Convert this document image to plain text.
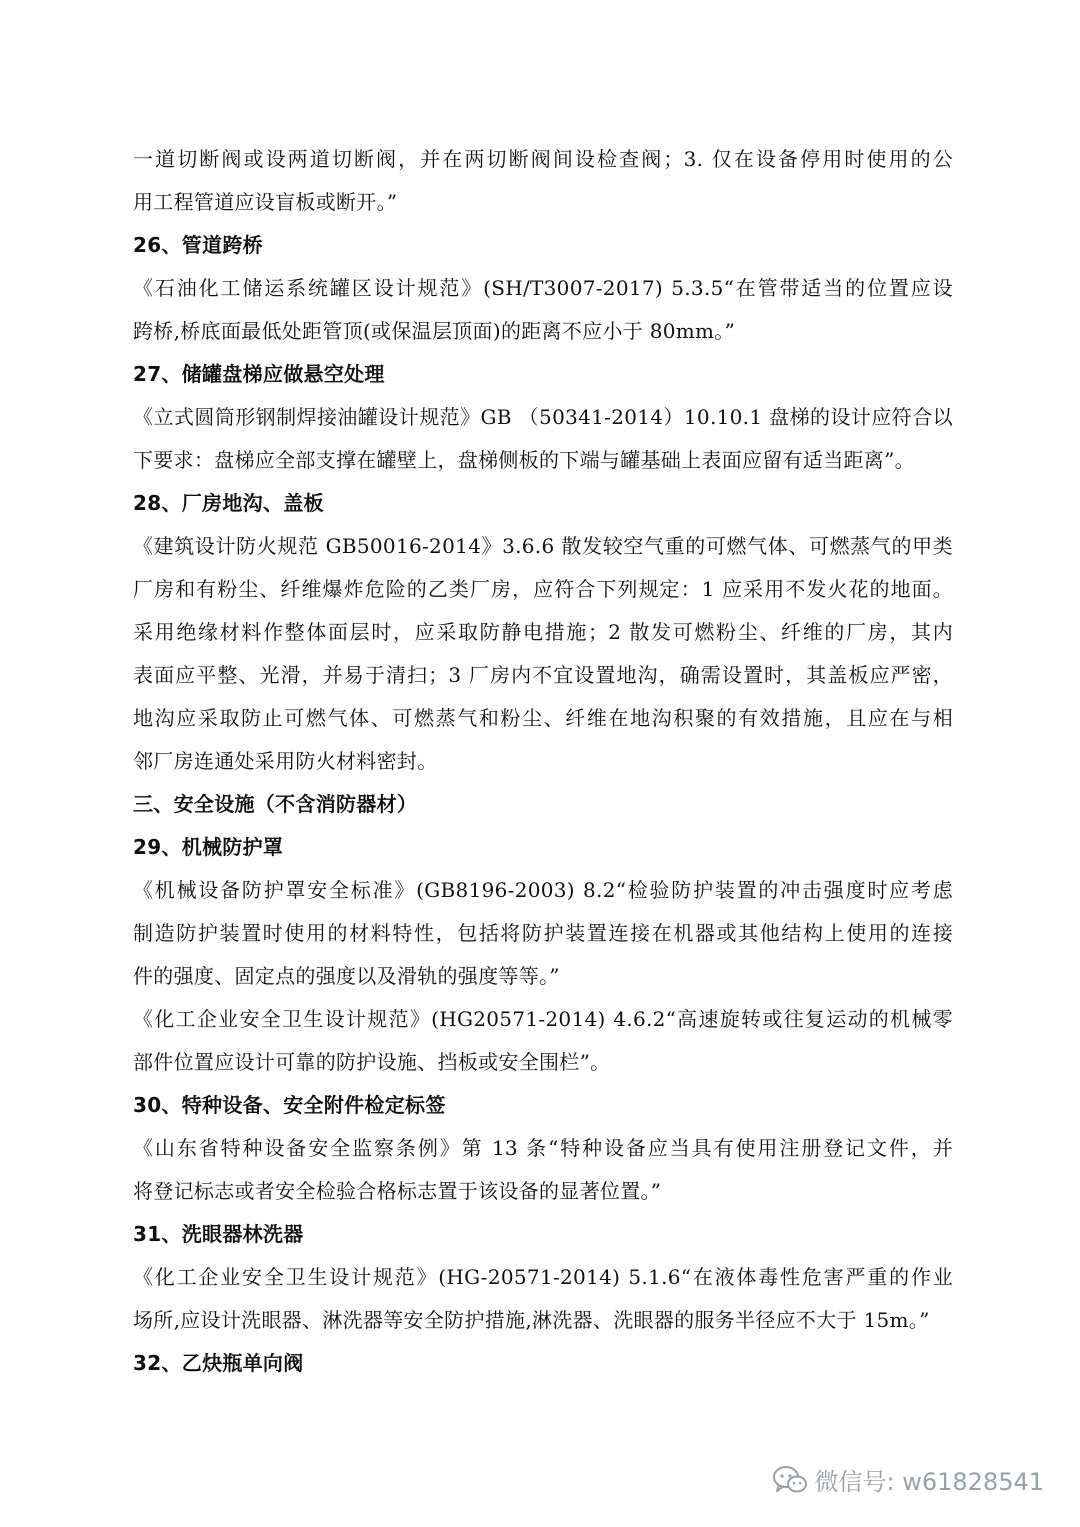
一道切断阀或设两道切断阀，并在两切断阀间设检查阀；3. 仅在设备停用时使用的公
用工程管道应设盲板或断开。”
26、管道跨桥
《石油化工储运系统罐区设计规范》(SH/T3007-2017) 5.3.5“在管带适当的位置应设
跨桥,桥底面最低处距管顶(或保温层顶面)的距离不应小于 80mm。”
27、储罐盘梯应做悬空处理
《立式圆筒形钢制焊接油罐设计规范》GB （50341-2014）10.10.1 盘梯的设计应符合以
下要求：盘梯应全部支撑在罐壁上，盘梯侧板的下端与罐基础上表面应留有适当距离”。
28、厂房地沟、盖板
《建筑设计防火规范 GB50016-2014》3.6.6 散发较空气重的可燃气体、可燃蒸气的甲类
厂房和有粉尘、纤维爆炸危险的乙类厂房，应符合下列规定：1 应采用不发火花的地面。
采用绝缘材料作整体面层时，应采取防静电措施；2 散发可燃粉尘、纤维的厂房，其内
表面应平整、光滑，并易于清扫；3 厂房内不宜设置地沟，确需设置时，其盖板应严密，
地沟应采取防止可燃气体、可燃蒸气和粉尘、纤维在地沟积聚的有效措施，且应在与相
邻厂房连通处采用防火材料密封。
三、安全设施（不含消防器材）
29、机械防护罩
《机械设备防护罩安全标准》(GB8196-2003) 8.2“检验防护装置的冲击强度时应考虑
制造防护装置时使用的材料特性，包括将防护装置连接在机器或其他结构上使用的连接
件的强度、固定点的强度以及滑轨的强度等等。”
《化工企业安全卫生设计规范》(HG20571-2014) 4.6.2“高速旋转或往复运动的机械零
部件位置应设计可靠的防护设施、挡板或安全围栏”。
30、特种设备、安全附件检定标签
《山东省特种设备安全监察条例》第 13 条“特种设备应当具有使用注册登记文件，并
将登记标志或者安全检验合格标志置于该设备的显著位置。”
31、洗眼器林洗器
《化工企业安全卫生设计规范》(HG-20571-2014) 5.1.6“在液体毒性危害严重的作业
场所,应设计洗眼器、淋洗器等安全防护措施,淋洗器、洗眼器的服务半径应不大于 15m。”
32、乙炔瓶单向阀
微信号: w61828541
